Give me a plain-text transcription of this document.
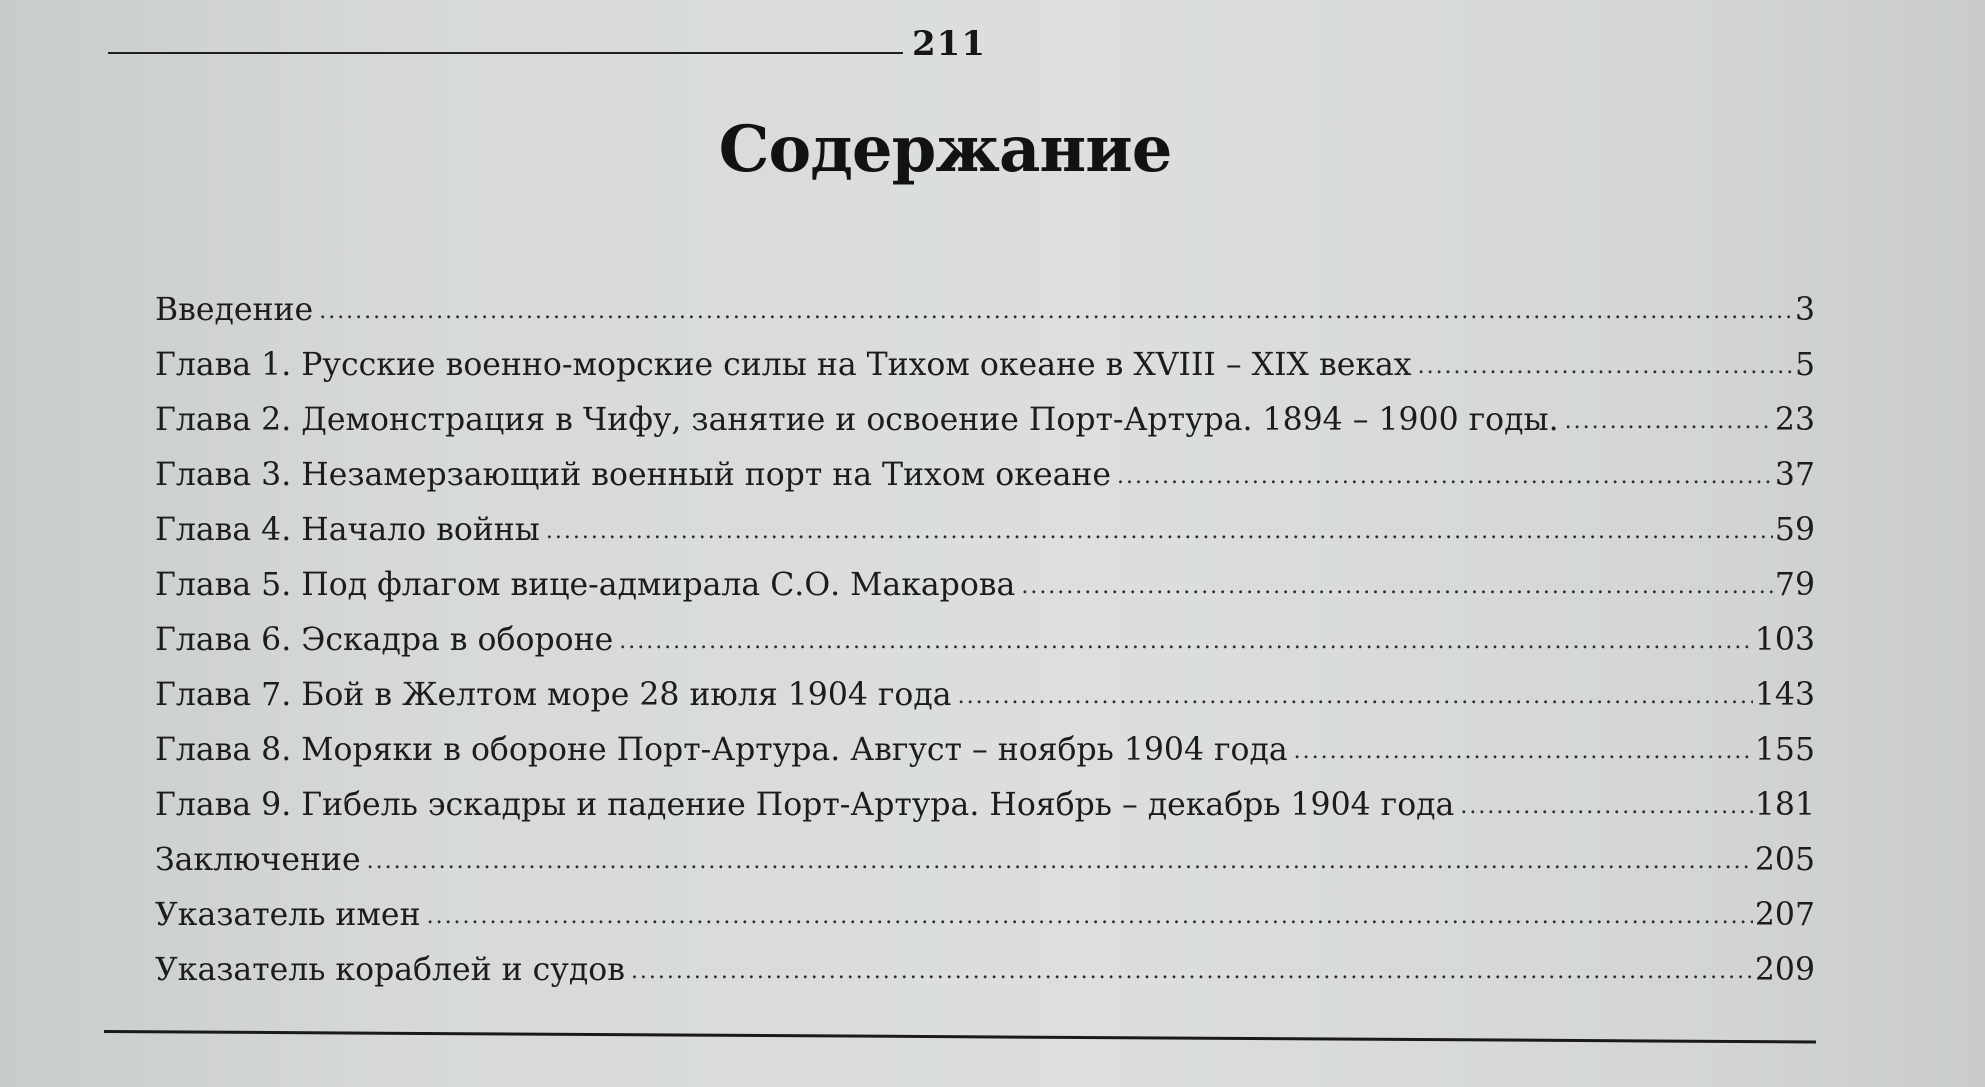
211
Содержание
Введение .....	3
Глава 1. Русские военно-морские силы на Тихом океане в XVIII – XIX веках .....	5
Глава 2. Демонстрация в Чифу, занятие и освоение Порт-Артура. 1894 – 1900 годы. .....	23
Глава 3. Незамерзающий военный порт на Тихом океане .....	37
Глава 4. Начало войны .....	59
Глава 5. Под флагом вице-адмирала С.О. Макарова .....	79
Глава 6. Эскадра в обороне .....	103
Глава 7. Бой в Желтом море 28 июля 1904 года .....	143
Глава 8. Моряки в обороне Порт-Артура. Август – ноябрь 1904 года .....	155
Глава 9. Гибель эскадры и падение Порт-Артура. Ноябрь – декабрь 1904 года .....	181
Заключение .....	205
Указатель имен .....	207
Указатель кораблей и судов .....	209
